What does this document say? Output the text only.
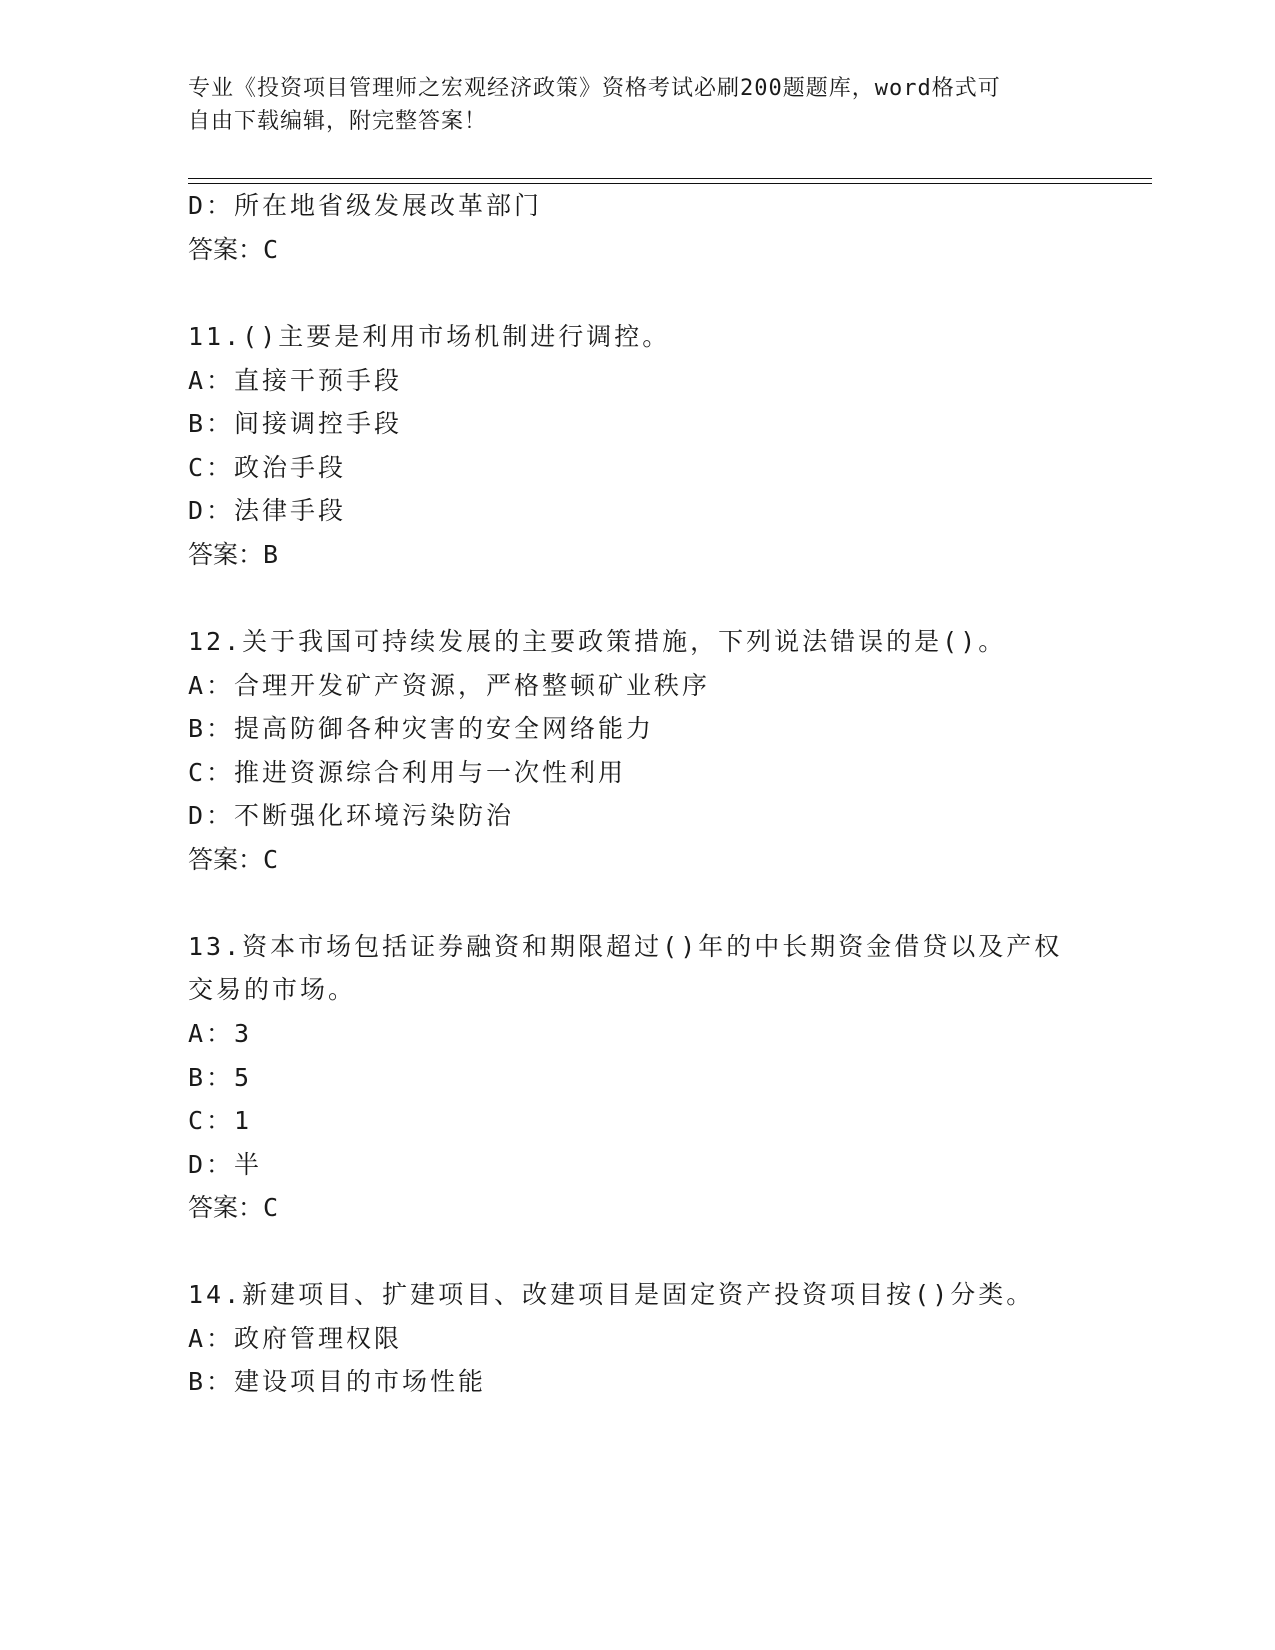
专业《投资项目管理师之宏观经济政策》资格考试必刷200题题库，word格式可
自由下载编辑，附完整答案！
D：所在地省级发展改革部门
答案：C
11.()主要是利用市场机制进行调控。
A：直接干预手段
B：间接调控手段
C：政治手段
D：法律手段
答案：B
12.关于我国可持续发展的主要政策措施，下列说法错误的是()。
A：合理开发矿产资源，严格整顿矿业秩序
B：提高防御各种灾害的安全网络能力
C：推进资源综合利用与一次性利用
D：不断强化环境污染防治
答案：C
13.资本市场包括证券融资和期限超过()年的中长期资金借贷以及产权
交易的市场。
A：3
B：5
C：1
D：半
答案：C
14.新建项目、扩建项目、改建项目是固定资产投资项目按()分类。
A：政府管理权限
B：建设项目的市场性能
